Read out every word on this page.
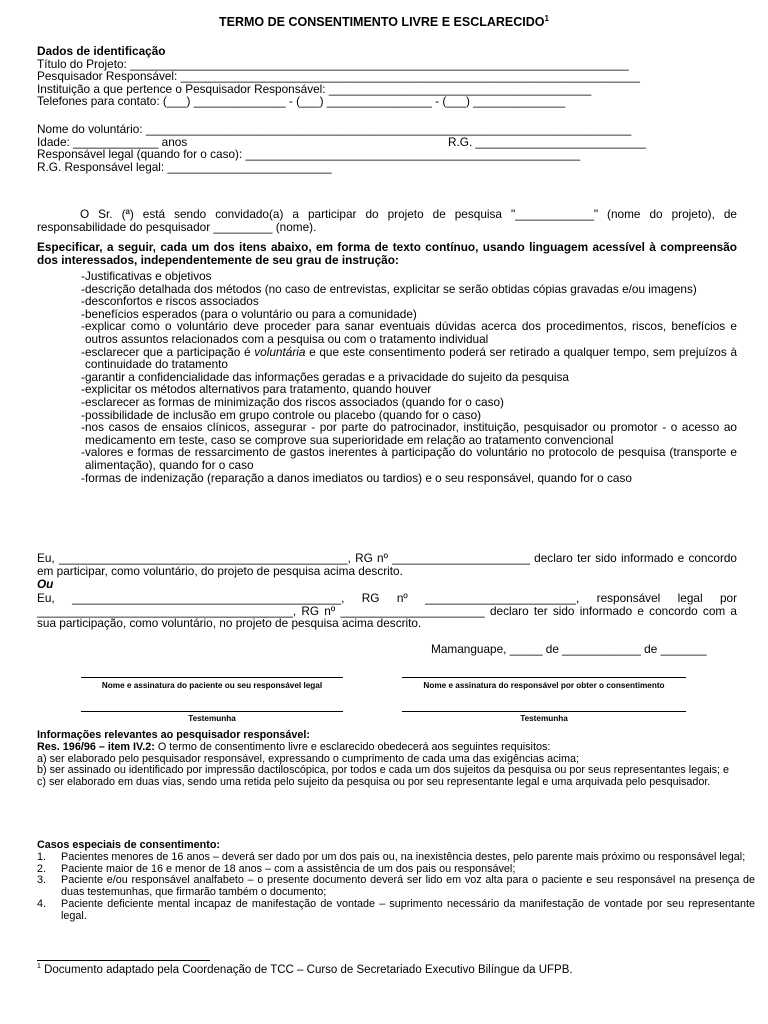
TERMO DE CONSENTIMENTO LIVRE E ESCLARECIDO$^1$
Dados de identificação
Título do Projeto: ____________________________________________________________________________
Pesquisador Responsável: ______________________________________________________________________
Instituição a que pertence o Pesquisador Responsável: ________________________________________
Telefones para contato: (___) ______________ - (___) ________________ - (___) ______________
Nome do voluntário: __________________________________________________________________________
Idade: _____________ anos	R.G. __________________________
Responsável legal (quando for o caso): ___________________________________________________
R.G. Responsável legal: _________________________
O Sr. (ª) está sendo convidado(a) a participar do projeto de pesquisa "____________" (nome do projeto), de responsabilidade do pesquisador _________ (nome).
Especificar, a seguir, cada um dos itens abaixo, em forma de texto contínuo, usando linguagem acessível à compreensão dos interessados, independentemente de seu grau de instrução:
- Justificativas e objetivos
- descrição detalhada dos métodos (no caso de entrevistas, explicitar se serão obtidas cópias gravadas e/ou imagens)
- desconfortos e riscos associados
- benefícios esperados (para o voluntário ou para a comunidade)
- explicar como o voluntário deve proceder para sanar eventuais dúvidas acerca dos procedimentos, riscos, benefícios e outros assuntos relacionados com a pesquisa ou com o tratamento individual
- esclarecer que a participação é voluntária e que este consentimento poderá ser retirado a qualquer tempo, sem prejuízos à continuidade do tratamento
- garantir a confidencialidade das informações geradas e a privacidade do sujeito da pesquisa
- explicitar os métodos alternativos para tratamento, quando houver
- esclarecer as formas de minimização dos riscos associados (quando for o caso)
- possibilidade de inclusão em grupo controle ou placebo (quando for o caso)
- nos casos de ensaios clínicos, assegurar - por parte do patrocinador, instituição, pesquisador ou promotor - o acesso ao medicamento em teste, caso se comprove sua superioridade em relação ao tratamento convencional
- valores e formas de ressarcimento de gastos inerentes à participação do voluntário no protocolo de pesquisa (transporte e alimentação), quando for o caso
- formas de indenização (reparação a danos imediatos ou tardios) e o seu responsável, quando for o caso
Eu, ____________________________________________, RG nº _____________________ declaro ter sido informado e concordo em participar, como voluntário, do projeto de pesquisa acima descrito.
Ou
Eu, _________________________________________, RG nº _______________________, responsável legal por _______________________________________, RG nº ______________________ declaro ter sido informado e concordo com a sua participação, como voluntário, no projeto de pesquisa acima descrito.
Mamanguape, _____ de ____________ de _______
Nome e assinatura do paciente ou seu responsável legal	Nome e assinatura do responsável por obter o consentimento
Testemunha	Testemunha
Informações relevantes ao pesquisador responsável:
Res. 196/96 – item IV.2: O termo de consentimento livre e esclarecido obedecerá aos seguintes requisitos:
a) ser elaborado pelo pesquisador responsável, expressando o cumprimento de cada uma das exigências acima;
b) ser assinado ou identificado por impressão dactiloscópica, por todos e cada um dos sujeitos da pesquisa ou por seus representantes legais; e
c) ser elaborado em duas vias, sendo uma retida pelo sujeito da pesquisa ou por seu representante legal e uma arquivada pelo pesquisador.
Casos especiais de consentimento:
1. Pacientes menores de 16 anos – deverá ser dado por um dos pais ou, na inexistência destes, pelo parente mais próximo ou responsável legal;
2. Paciente maior de 16 e menor de 18 anos – com a assistência de um dos pais ou responsável;
3. Paciente e/ou responsável analfabeto – o presente documento deverá ser lido em voz alta para o paciente e seu responsável na presença de duas testemunhas, que firmarão também o documento;
4. Paciente deficiente mental incapaz de manifestação de vontade – suprimento necessário da manifestação de vontade por seu representante legal.
$^1$ Documento adaptado pela Coordenação de TCC – Curso de Secretariado Executivo Bilíngue da UFPB.
